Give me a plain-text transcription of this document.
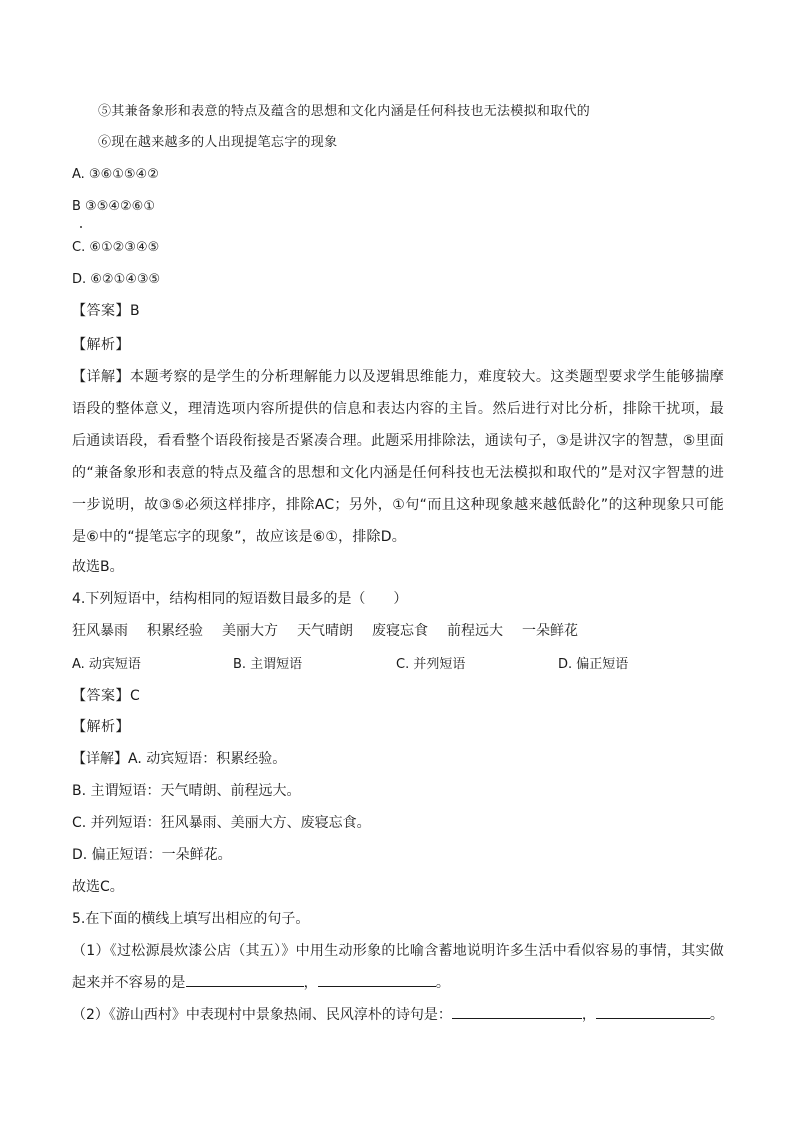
⑤其兼备象形和表意的特点及蕴含的思想和文化内涵是任何科技也无法模拟和取代的
⑥现在越来越多的人出现提笔忘字的现象
A. ③⑥①⑤④②
B ③⑤④②⑥①
C. ⑥①②③④⑤
D. ⑥②①④③⑤
【答案】B
【解析】

【详解】本题考察的是学生的分析理解能力以及逻辑思维能力，难度较大。这类题型要求学生能够揣摩语段的整体意义，理清选项内容所提供的信息和表达内容的主旨。然后进行对比分析，排除干扰项，最后通读语段，看看整个语段衔接是否紧凑合理。此题采用排除法，通读句子，③是讲汉字的智慧，⑤里面的“兼备象形和表意的特点及蕴含的思想和文化内涵是任何科技也无法模拟和取代的”是对汉字智慧的进一步说明，故③⑤必须这样排序，排除AC；另外，①句“而且这种现象越来越低龄化”的这种现象只可能是⑥中的“提笔忘字的现象”，故应该是⑥①，排除D。

故选B。
4.下列短语中，结构相同的短语数目最多的是（　　）
狂风暴雨 积累经验 美丽大方 天气晴朗 废寝忘食 前程远大 一朵鲜花
A. 动宾短语	B. 主谓短语	C. 并列短语	D. 偏正短语
【答案】C
【解析】
【详解】A. 动宾短语：积累经验。
B. 主谓短语：天气晴朗、前程远大。
C. 并列短语：狂风暴雨、美丽大方、废寝忘食。
D. 偏正短语：一朵鲜花。
故选C。
5.在下面的横线上填写出相应的句子。

（1）《过松源晨炊漆公店（其五）》中用生动形象的比喻含蓄地说明许多生活中看似容易的事情，其实做起来并不容易的是	，	。

（2）《游山西村》中表现村中景象热闹、民风淳朴的诗句是：	，	。
